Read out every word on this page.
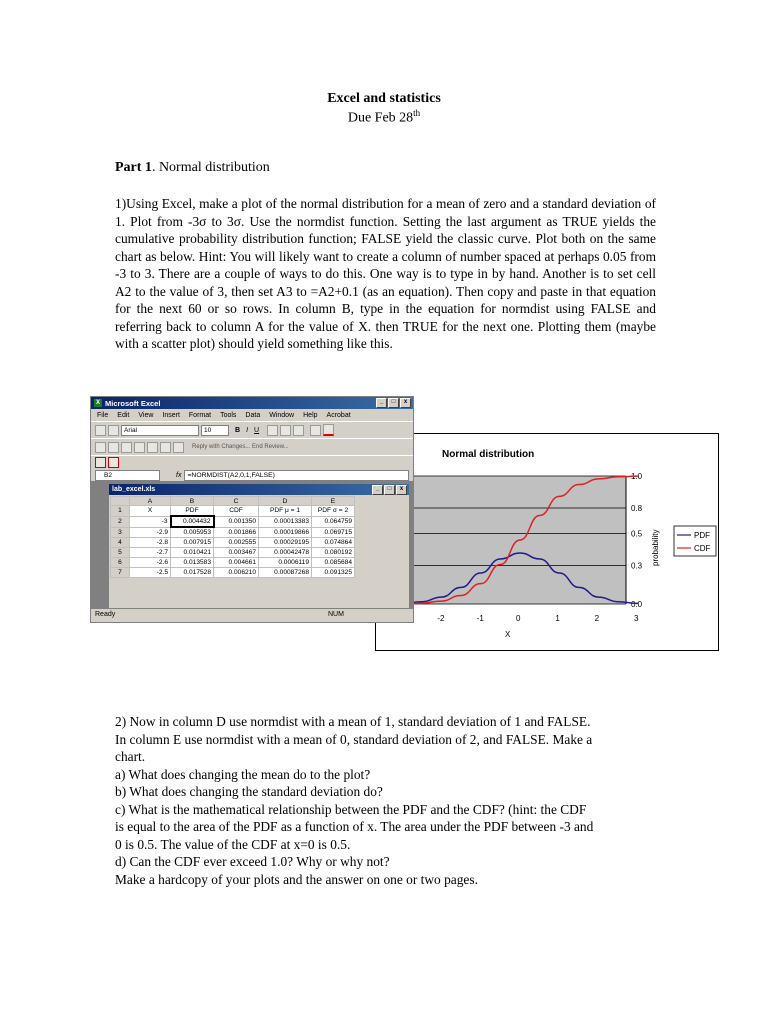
Excel and statistics
Due Feb 28th
Part 1. Normal distribution
1)Using Excel, make a plot of the normal distribution for a mean of zero and a standard deviation of 1. Plot from -3σ to 3σ. Use the normdist function. Setting the last argument as TRUE yields the cumulative probability distribution function; FALSE yield the classic curve. Plot both on the same chart as below. Hint: You will likely want to create a column of number spaced at perhaps 0.05 from -3 to 3. There are a couple of ways to do this. One way is to type in by hand. Another is to set cell A2 to the value of 3, then set A3 to =A2+0.1 (as an equation). Then copy and paste in that equation for the next 60 or so rows. In column B, type in the equation for normdist using FALSE and referring back to column A for the value of X. then TRUE for the next one. Plotting them (maybe with a scatter plot) should yield something like this.
0.0
0.3
0.5
0.8
1.0
-2	-1	0	1	2	3
X
Normal distribution
probability	PDF
CDF
X Microsoft Excel	_	□	x
File Edit View Insert Format Tools Data Window Help Acrobat
Arial	10	B I U
Reply with Changes... End Review...
B2	fx =NORMDIST(A2,0,1,FALSE)
lab_excel.xls	_	□	x
	A	B	C	D	E
1	X	PDF	CDF	PDF μ = 1	PDF σ = 2
2	-3	0.004432	0.001350	0.00013383	0.064759
3	-2.9	0.005953	0.001866	0.00019866	0.069715
4	-2.8	0.007915	0.002555	0.00029195	0.074864
5	-2.7	0.010421	0.003467	0.00042478	0.080192
6	-2.6	0.013583	0.004661	0.0006119	0.085684
7	-2.5	0.017528	0.006210	0.00087268	0.091325
Ready	NUM
2) Now in column D use normdist with a mean of 1, standard deviation of 1 and FALSE.
In column E use normdist with a mean of 0, standard deviation of 2, and FALSE. Make a
chart.
a) What does changing the mean do to the plot?
b) What does changing the standard deviation do?
c) What is the mathematical relationship between the PDF and the CDF? (hint: the CDF
is equal to the area of the PDF as a function of x. The area under the PDF between -3 and
0 is 0.5. The value of the CDF at x=0 is 0.5.
d) Can the CDF ever exceed 1.0? Why or why not?
Make a hardcopy of your plots and the answer on one or two pages.
